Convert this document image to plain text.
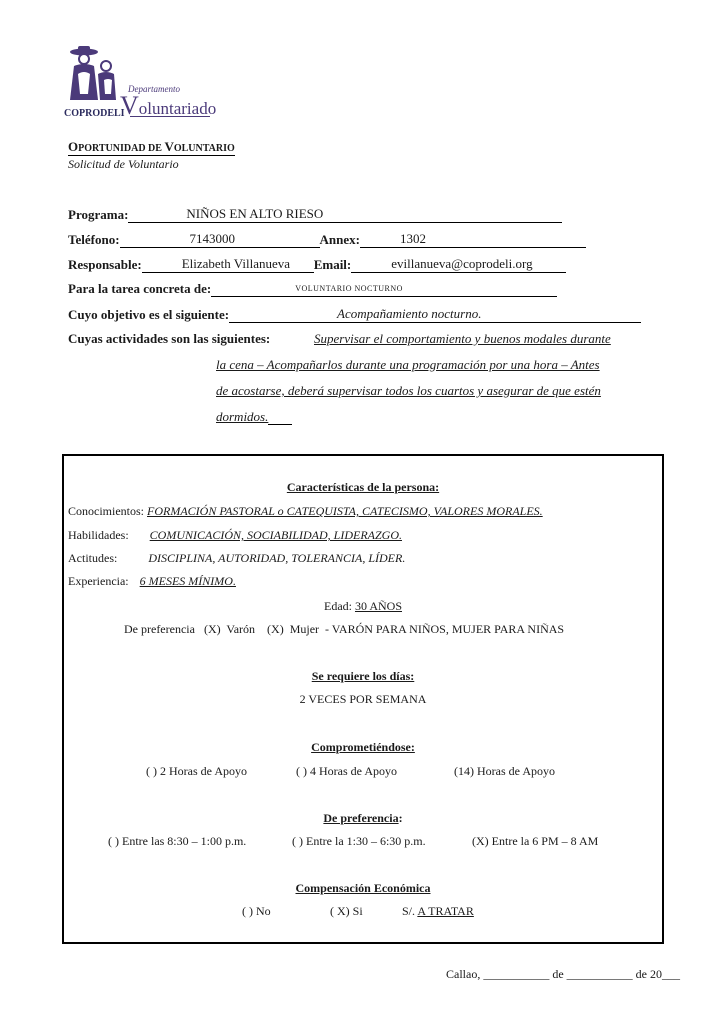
Departamento
Voluntariado
COPRODELI
OPORTUNIDAD DE VOLUNTARIO
Solicitud de Voluntario
Programa:	NIÑOS EN ALTO RIESO
Teléfono:	7143000	Annex:	1302
Responsable:	Elizabeth Villanueva Email:	evillanueva@coprodeli.org
Para la tarea concreta de:	VOLUNTARIO NOCTURNO
Cuyo objetivo es el siguiente:	Acompañamiento nocturno.
Cuyas actividades son las siguientes:	Supervisar el comportamiento y buenos modales durante
la cena – Acompañarlos durante una programación por una hora – Antes
de acostarse, deberá supervisar todos los cuartos y asegurar de que estén
dormidos.
Características de la persona:
Conocimientos: FORMACIÓN PASTORAL o CATEQUISTA, CATECISMO, VALORES MORALES.
Habilidades: COMUNICACIÓN, SOCIABILIDAD, LIDERAZGO.
Actitudes:	DISCIPLINA, AUTORIDAD, TOLERANCIA, LÍDER.
Experiencia: 6 MESES MÍNIMO.
Edad: 30 AÑOS
De preferencia   (X)  Varón    (X)  Mujer  - VARÓN PARA NIÑOS, MUJER PARA NIÑAS
Se requiere los días:
2 VECES POR SEMANA
Comprometiéndose:
( ) 2 Horas de Apoyo	( ) 4 Horas de Apoyo	(14) Horas de Apoyo
De preferencia:
( ) Entre las 8:30 – 1:00 p.m.	( ) Entre la 1:30 – 6:30 p.m.	(X) Entre la 6 PM – 8 AM
Compensación Económica
( ) No	( X) Si	S/. A TRATAR
Callao, ___________ de ___________ de 20___
